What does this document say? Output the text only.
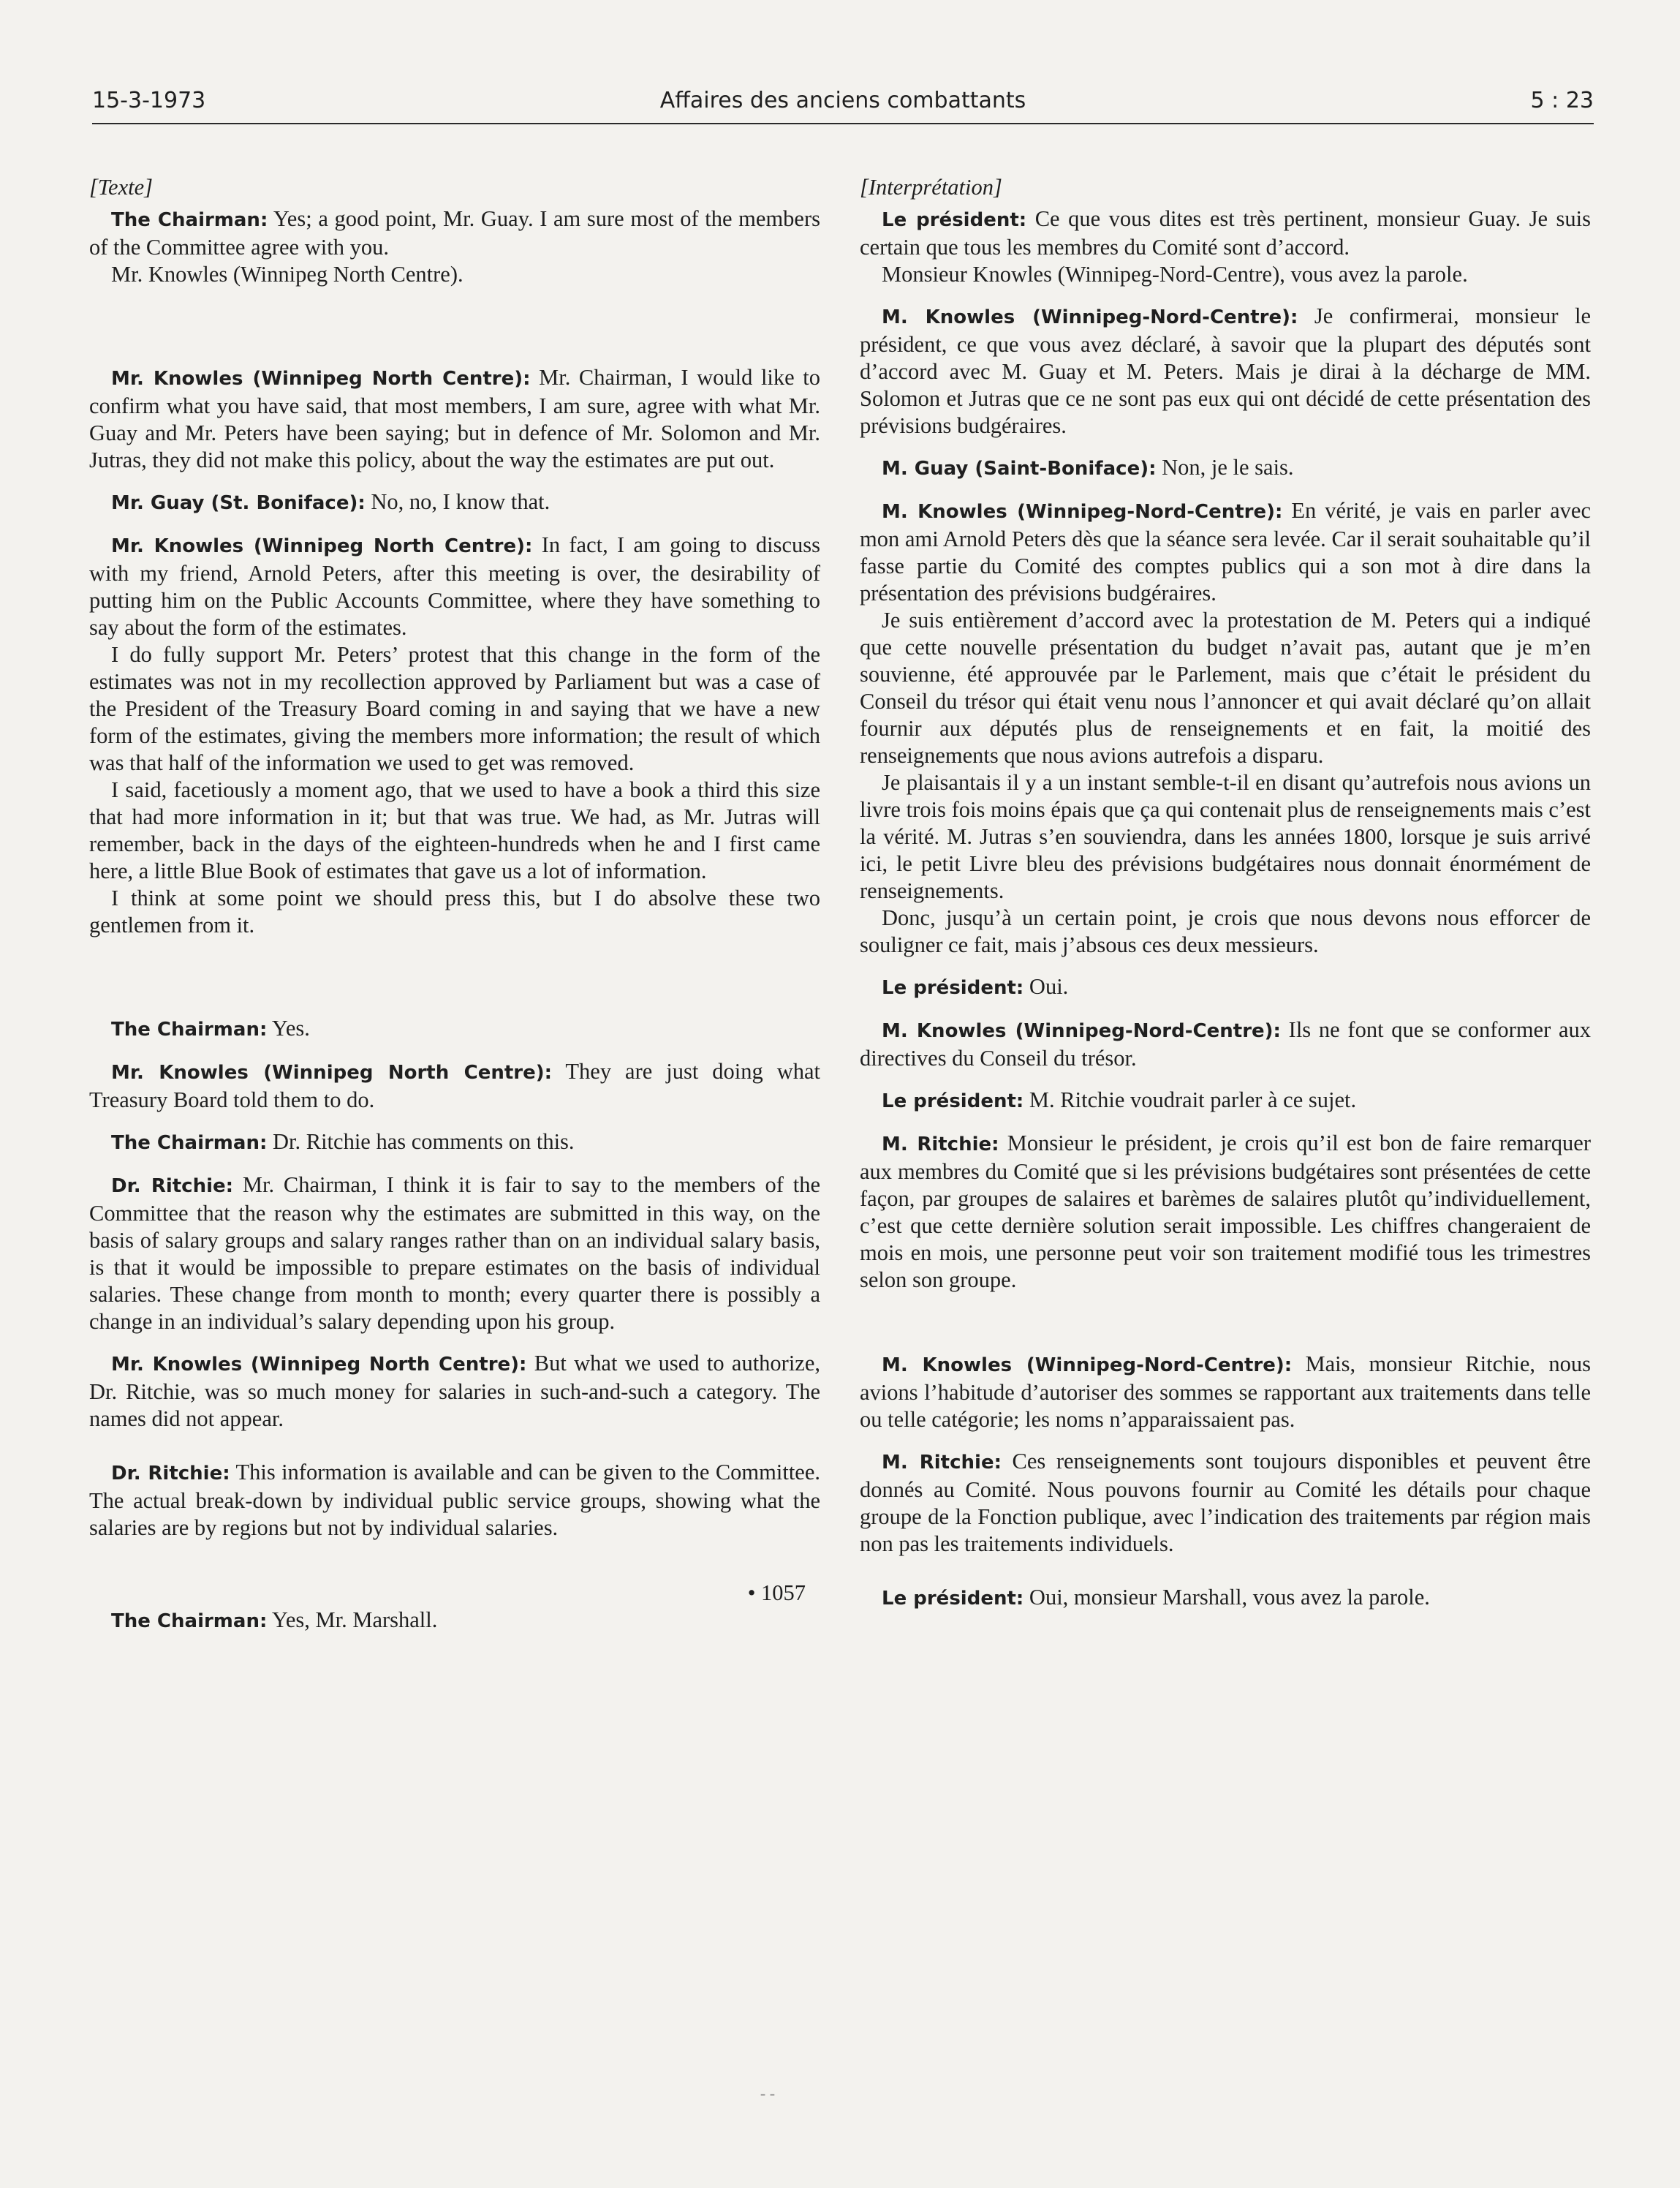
15-3-1973	Affaires des anciens combattants	5 : 23

[Texte]

The Chairman: Yes; a good point, Mr. Guay. I am sure most of the members of the Committee agree with you.

Mr. Knowles (Winnipeg North Centre).

Mr. Knowles (Winnipeg North Centre): Mr. Chairman, I would like to confirm what you have said, that most members, I am sure, agree with what Mr. Guay and Mr. Peters have been saying; but in defence of Mr. Solomon and Mr. Jutras, they did not make this policy, about the way the estimates are put out.

Mr. Guay (St. Boniface): No, no, I know that.

Mr. Knowles (Winnipeg North Centre): In fact, I am going to discuss with my friend, Arnold Peters, after this meeting is over, the desirability of putting him on the Public Accounts Committee, where they have something to say about the form of the estimates.

I do fully support Mr. Peters’ protest that this change in the form of the estimates was not in my recollection approved by Parliament but was a case of the President of the Treasury Board coming in and saying that we have a new form of the estimates, giving the members more information; the result of which was that half of the information we used to get was removed.

I said, facetiously a moment ago, that we used to have a book a third this size that had more information in it; but that was true. We had, as Mr. Jutras will remember, back in the days of the eighteen-hundreds when he and I first came here, a little Blue Book of estimates that gave us a lot of information.

I think at some point we should press this, but I do absolve these two gentlemen from it.

The Chairman: Yes.

Mr. Knowles (Winnipeg North Centre): They are just doing what Treasury Board told them to do.

The Chairman: Dr. Ritchie has comments on this.

Dr. Ritchie: Mr. Chairman, I think it is fair to say to the members of the Committee that the reason why the estimates are submitted in this way, on the basis of salary groups and salary ranges rather than on an individual salary basis, is that it would be impossible to prepare estimates on the basis of individual salaries. These change from month to month; every quarter there is possibly a change in an individual’s salary depending upon his group.

Mr. Knowles (Winnipeg North Centre): But what we used to authorize, Dr. Ritchie, was so much money for salaries in such-and-such a category. The names did not appear.

Dr. Ritchie: This information is available and can be given to the Committee. The actual break-down by individual public service groups, showing what the salaries are by regions but not by individual salaries.

• 1057

The Chairman: Yes, Mr. Marshall.

[Interprétation]

Le président: Ce que vous dites est très pertinent, monsieur Guay. Je suis certain que tous les membres du Comité sont d’accord.

Monsieur Knowles (Winnipeg-Nord-Centre), vous avez la parole.

M. Knowles (Winnipeg-Nord-Centre): Je confirmerai, monsieur le président, ce que vous avez déclaré, à savoir que la plupart des députés sont d’accord avec M. Guay et M. Peters. Mais je dirai à la décharge de MM. Solomon et Jutras que ce ne sont pas eux qui ont décidé de cette présentation des prévisions budgéraires.

M. Guay (Saint-Boniface): Non, je le sais.

M. Knowles (Winnipeg-Nord-Centre): En vérité, je vais en parler avec mon ami Arnold Peters dès que la séance sera levée. Car il serait souhaitable qu’il fasse partie du Comité des comptes publics qui a son mot à dire dans la présentation des prévisions budgéraires.

Je suis entièrement d’accord avec la protestation de M. Peters qui a indiqué que cette nouvelle présentation du budget n’avait pas, autant que je m’en souvienne, été approuvée par le Parlement, mais que c’était le président du Conseil du trésor qui était venu nous l’annoncer et qui avait déclaré qu’on allait fournir aux députés plus de renseignements et en fait, la moitié des renseignements que nous avions autrefois a disparu.

Je plaisantais il y a un instant semble-t-il en disant qu’autrefois nous avions un livre trois fois moins épais que ça qui contenait plus de renseignements mais c’est la vérité. M. Jutras s’en souviendra, dans les années 1800, lorsque je suis arrivé ici, le petit Livre bleu des prévisions budgétaires nous donnait énormément de renseignements.

Donc, jusqu’à un certain point, je crois que nous devons nous efforcer de souligner ce fait, mais j’absous ces deux messieurs.

Le président: Oui.

M. Knowles (Winnipeg-Nord-Centre): Ils ne font que se conformer aux directives du Conseil du trésor.

Le président: M. Ritchie voudrait parler à ce sujet.

M. Ritchie: Monsieur le président, je crois qu’il est bon de faire remarquer aux membres du Comité que si les prévisions budgétaires sont présentées de cette façon, par groupes de salaires et barèmes de salaires plutôt qu’individuellement, c’est que cette dernière solution serait impossible. Les chiffres changeraient de mois en mois, une personne peut voir son traitement modifié tous les trimestres selon son groupe.

M. Knowles (Winnipeg-Nord-Centre): Mais, monsieur Ritchie, nous avions l’habitude d’autoriser des sommes se rapportant aux traitements dans telle ou telle catégorie; les noms n’apparaissaient pas.

M. Ritchie: Ces renseignements sont toujours disponibles et peuvent être donnés au Comité. Nous pouvons fournir au Comité les détails pour chaque groupe de la Fonction publique, avec l’indication des traitements par région mais non pas les traitements individuels.

Le président: Oui, monsieur Marshall, vous avez la parole.

- -
